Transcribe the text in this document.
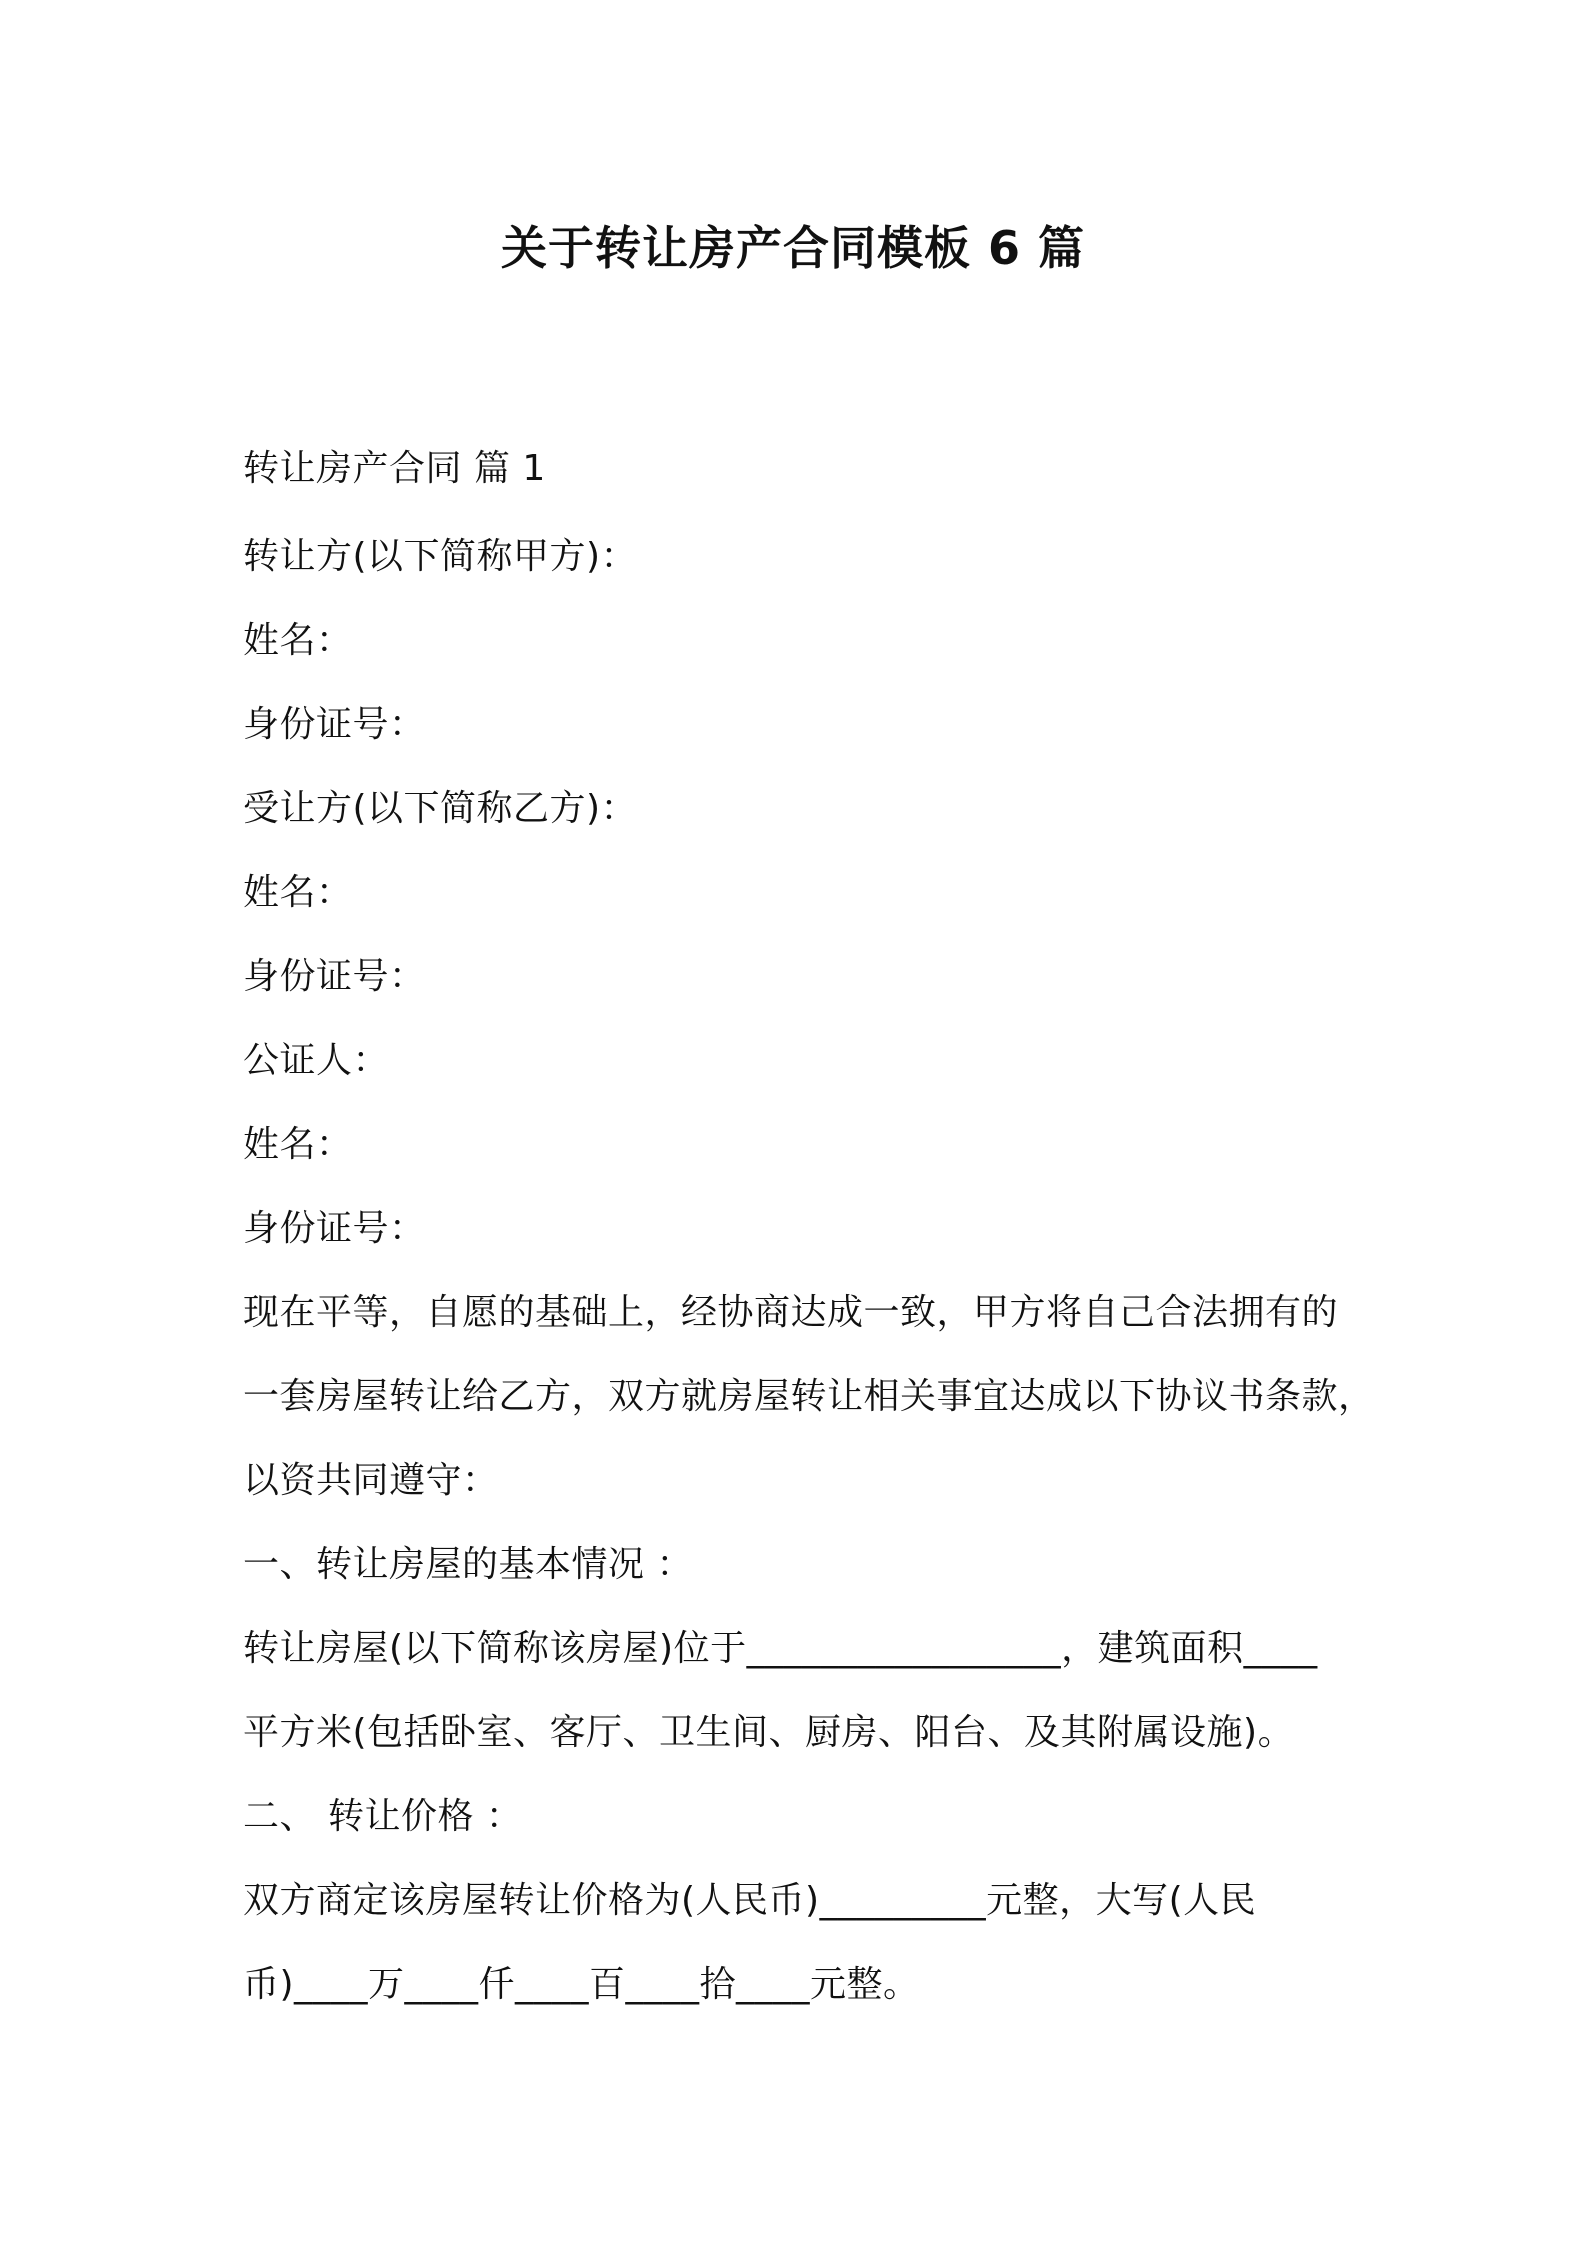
关于转让房产合同模板 6 篇
转让房产合同 篇 1
转让方(以下简称甲方)：
姓名：
身份证号：
受让方(以下简称乙方)：
姓名：
身份证号：
公证人：
姓名：
身份证号：
现在平等，自愿的基础上，经协商达成一致，甲方将自己合法拥有的
一套房屋转让给乙方，双方就房屋转让相关事宜达成以下协议书条款，
以资共同遵守：
一、转让房屋的基本情况 ：
转让房屋(以下简称该房屋)位于_________________，建筑面积____
平方米(包括卧室、客厅、卫生间、厨房、阳台、及其附属设施)。
二、 转让价格 ：
双方商定该房屋转让价格为(人民币)_________元整，大写(人民
币)____万____仟____百____拾____元整。
